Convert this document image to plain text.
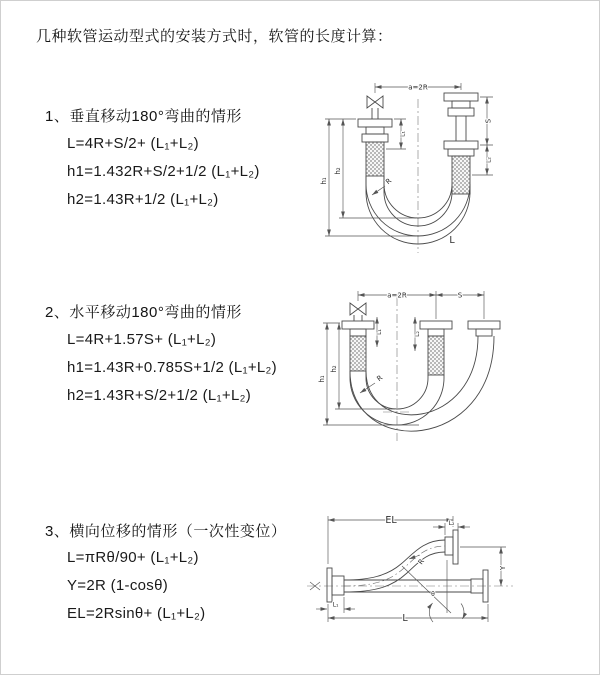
几种软管运动型式的安装方式时，软管的长度计算：
1、垂直移动180°弯曲的情形
L=4R+S/2+ (L₁+L₂)
h1=1.432R+S/2+1/2 (L₁+L₂)
h2=1.43R+1/2 (L₁+L₂)
2、水平移动180°弯曲的情形
L=4R+1.57S+ (L₁+L₂)
h1=1.43R+0.785S+1/2 (L₁+L₂)
h2=1.43R+S/2+1/2 (L₁+L₂)
3、横向位移的情形（一次性变位）
L=πRθ/90+ (L₁+L₂)
Y=2R (1-cosθ)
EL=2Rsinθ+ (L₁+L₂)
a=2R
h₁
h₂
L₁
S
L₂
R
L
a=2R	S
h₁
h₂
L₁	L₂
R
EL	L₂
Y
R
θ
L
L₁
